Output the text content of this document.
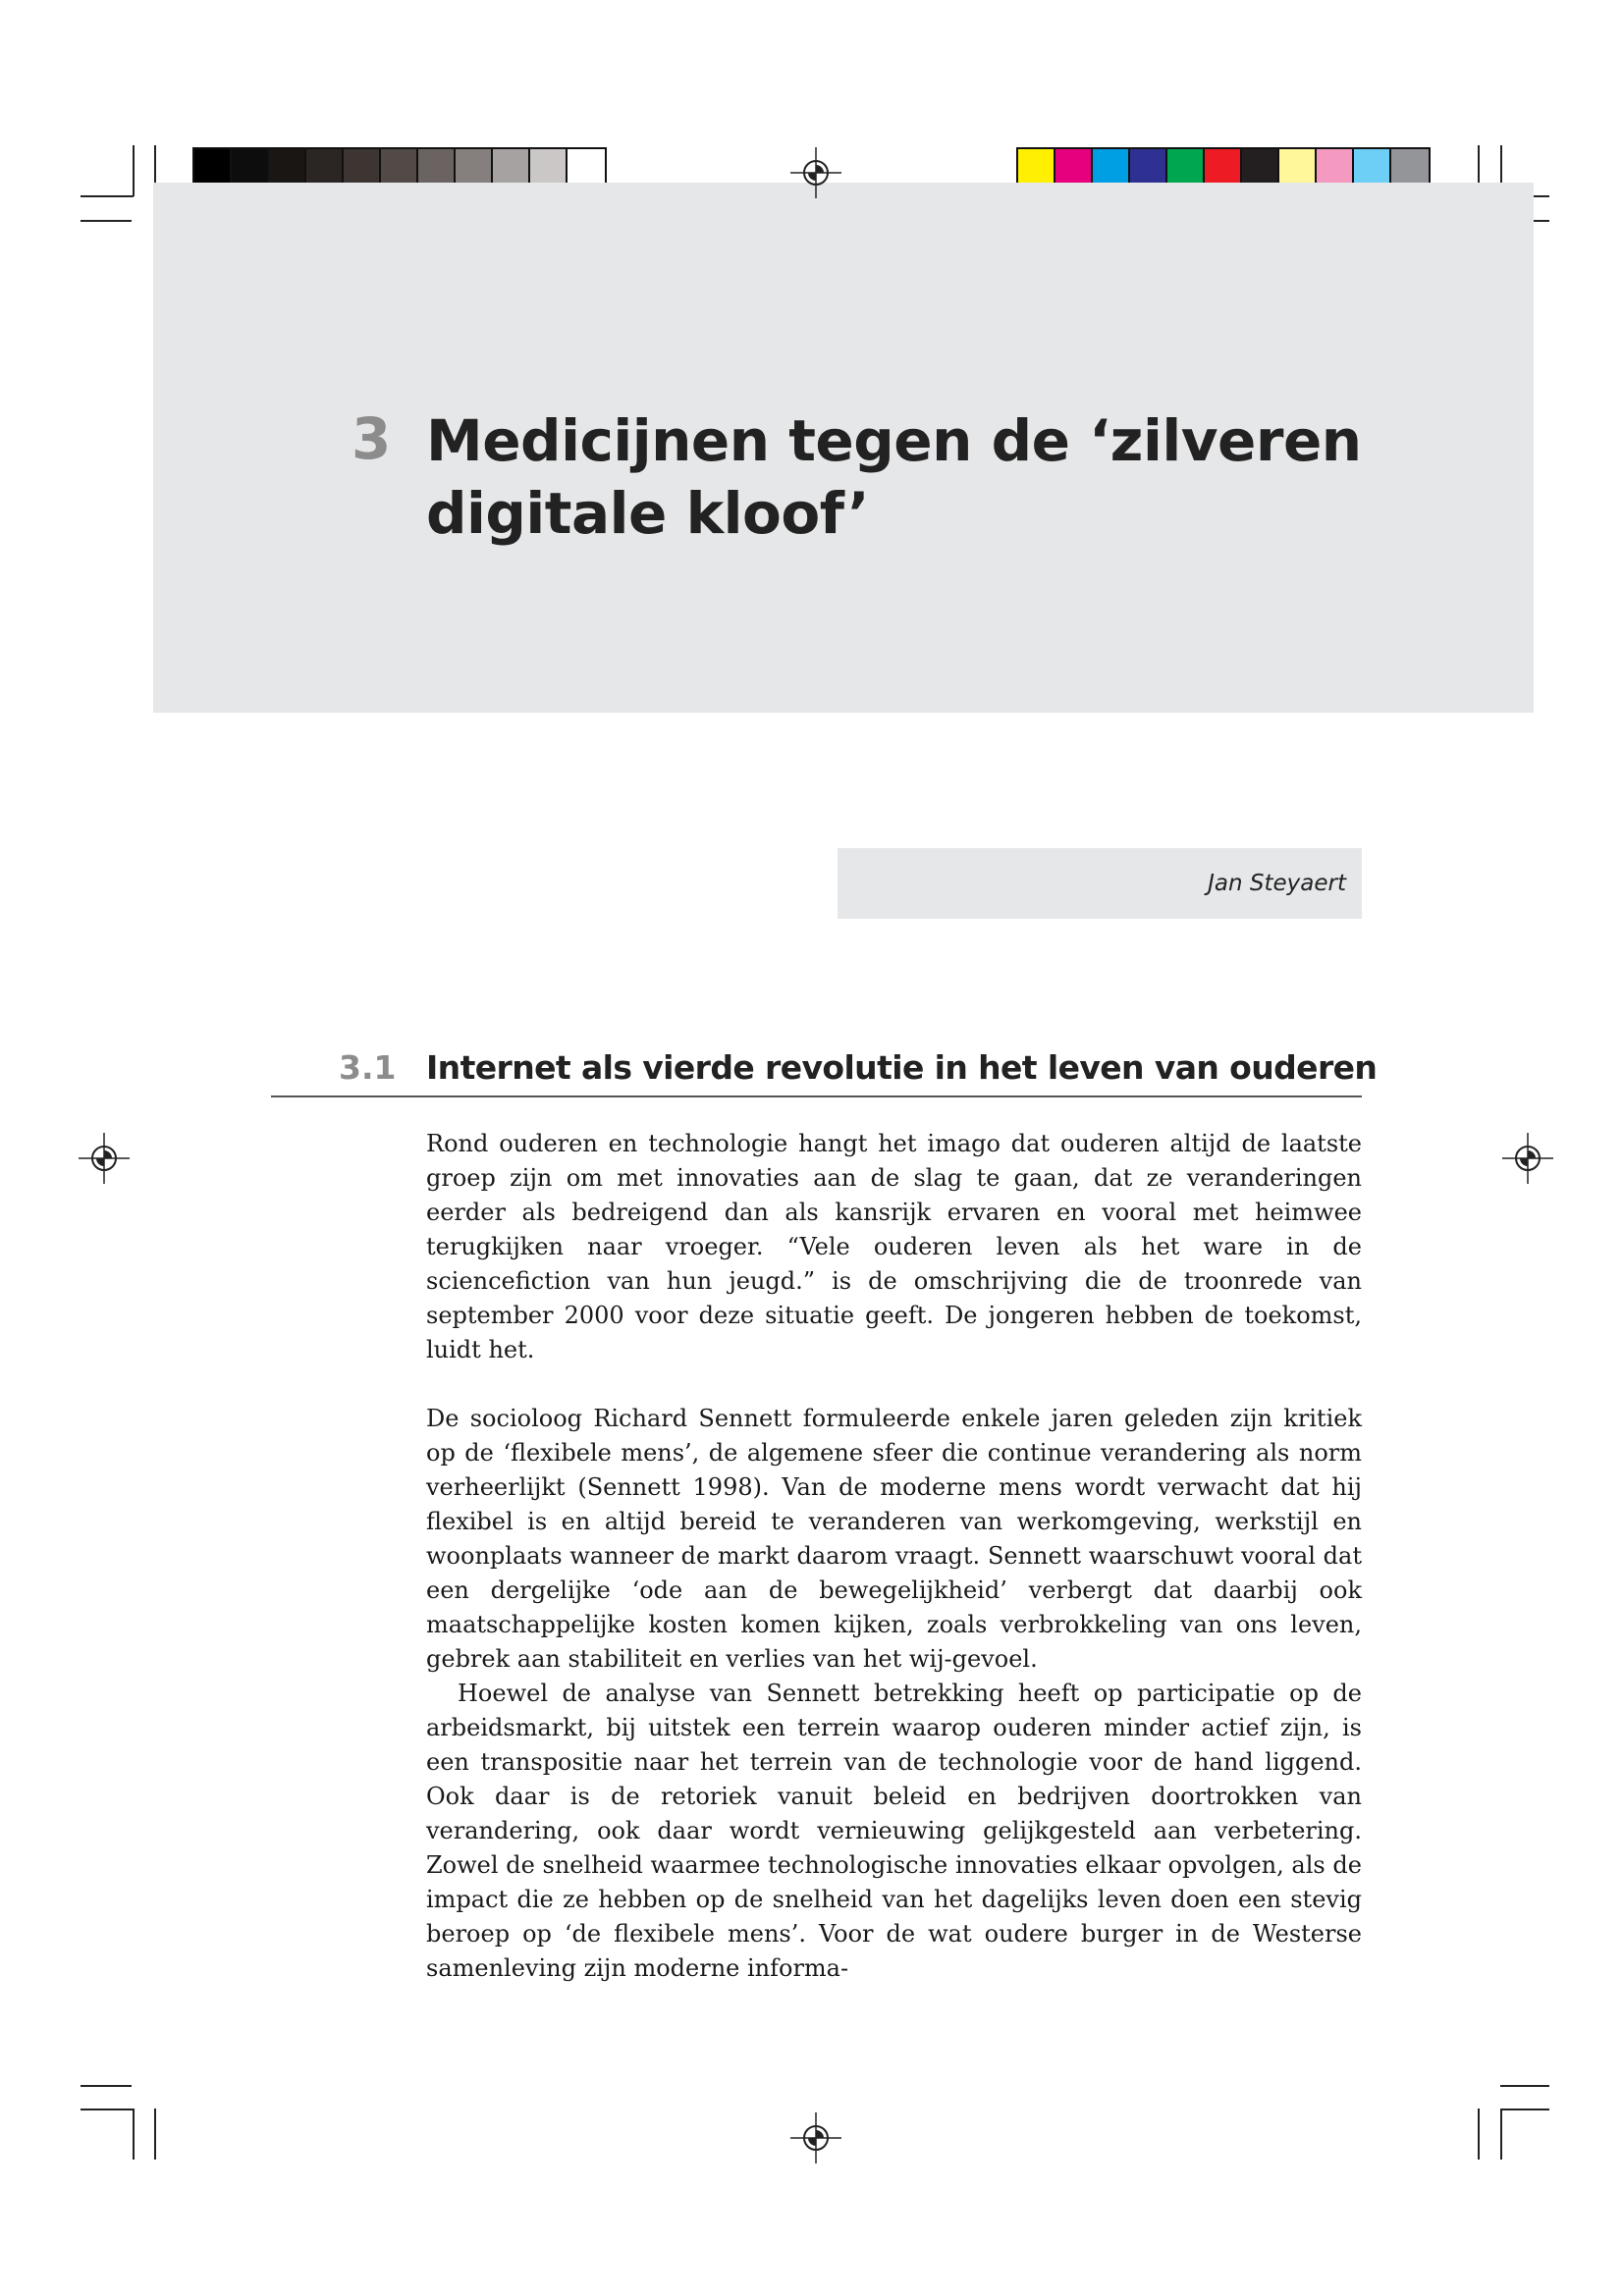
3 Medicijnen tegen de ‘zilveren digitale kloof’
Jan Steyaert
3.1 Internet als vierde revolutie in het leven van ouderen

Rond ouderen en technologie hangt het imago dat ouderen altijd de laatste groep zijn om met innovaties aan de slag te gaan, dat ze veranderingen eerder als bedreigend dan als kansrijk ervaren en vooral met heimwee terugkijken naar vroeger. “Vele ouderen leven als het ware in de sciencefiction van hun jeugd.” is de omschrijving die de troonrede van september 2000 voor deze situatie geeft. De jongeren hebben de toekomst, luidt het.

De socioloog Richard Sennett formuleerde enkele jaren geleden zijn kritiek op de ‘flexibele mens’, de algemene sfeer die continue verandering als norm verheerlijkt (Sennett 1998). Van de moderne mens wordt verwacht dat hij flexibel is en altijd bereid te veranderen van werkomgeving, werkstijl en woonplaats wanneer de markt daarom vraagt. Sennett waarschuwt vooral dat een dergelijke ‘ode aan de bewegelijkheid’ verbergt dat daarbij ook maatschappelijke kosten komen kijken, zoals verbrokkeling van ons leven, gebrek aan stabiliteit en verlies van het wij-gevoel.

Hoewel de analyse van Sennett betrekking heeft op participatie op de arbeidsmarkt, bij uitstek een terrein waarop ouderen minder actief zijn, is een transpositie naar het terrein van de technologie voor de hand liggend. Ook daar is de retoriek vanuit beleid en bedrijven doortrokken van verandering, ook daar wordt vernieuwing gelijkgesteld aan verbetering. Zowel de snelheid waarmee technologische innovaties elkaar opvolgen, als de impact die ze hebben op de snelheid van het dagelijks leven doen een stevig beroep op ‘de flexibele mens’. Voor de wat oudere burger in de Westerse samenleving zijn moderne informa-
